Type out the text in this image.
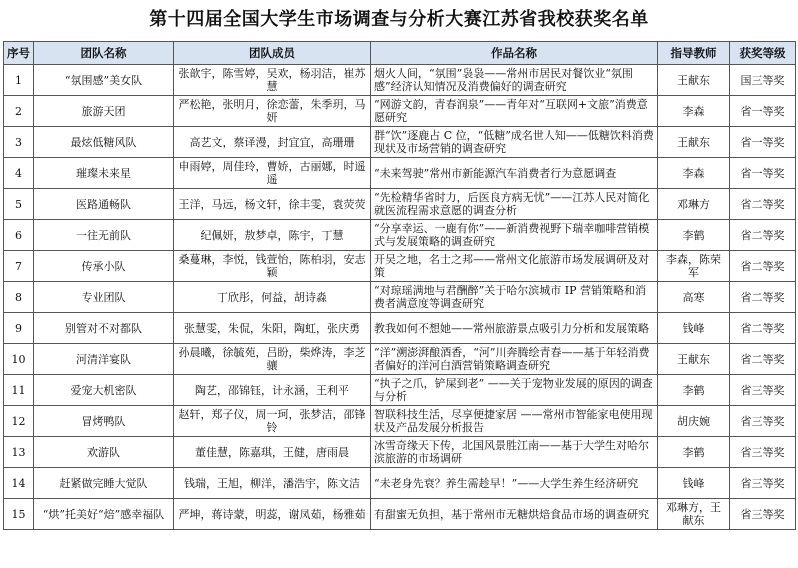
第十四届全国大学生市场调查与分析大赛江苏省我校获奖名单
序号	团队名称	团队成员	作品名称	指导教师	获奖等级
1	“氛围感”美女队	张歆宇，陈雪婷，吴欢，杨羽洁，崔苏慧	烟火人间，“氛围”袅袅——常州市居民对餐饮业“氛围感”经济认知情况及消费偏好的调查研究	王献东	国三等奖
2	旅游天团	严松艳，张明月，徐恋蕾，朱季玥，马妍	“网游文韵，青春润泉”——青年对“互联网+文旅”消费意愿研究	李森	省一等奖
3	最炫低糖风队	高艺文，蔡译漫，封宜宜，高珊珊	群“饮”逐鹿占 C 位，“低糖”成名世人知——低糖饮料消费现状及市场营销的调查研究	王献东	省一等奖
4	璀璨未来星	申雨婷，周佳玲，曹娇，古丽娜，时遥遥	“未来驾驶”常州市新能源汽车消费者行为意愿调查	李森	省一等奖
5	医路通畅队	王洋，马远，杨文轩，徐丰雯，袁荧荧	“先检精华省时力，后医良方病无忧”——江苏人民对简化就医流程需求意愿的调查分析	邓琳方	省二等奖
6	一往无前队	纪佩妍，敖梦卓，陈宇，丁慧	“分享幸运、一鹿有你”——新消费视野下瑞幸咖啡营销模式与发展策略的调查研究	李鹤	省二等奖
7	传承小队	桑蔓琳，李悦，钱萱怡，陈柏羽，安志颖	开吴之地，名士之邦——常州文化旅游市场发展调研及对策	李森，陈荣军	省二等奖
8	专业团队	丁欣彤，何益，胡诗淼	“对琼瑶满地与君酬醉”关于哈尔滨城市 IP 营销策略和消费者满意度等调查研究	高寒	省二等奖
9	别管对不对都队	张慧雯，朱侃，朱阳，陶虹，张庆勇	教我如何不想她——常州旅游景点吸引力分析和发展策略	钱峰	省二等奖
10	河清洋宴队	孙晨曦，徐毓苑，吕盼，柴烨涛，李芝骧	“洋”溯澎湃酿酒香，“河”川奔腾绘青春——基于年轻消费者偏好的洋河白酒营销策略调查研究	王献东	省二等奖
11	爱宠大机密队	陶艺，邵锦钰，计永涵，王利平	“执子之爪，铲屎到老” ——关于宠物业发展的原因的调查与分析	李鹤	省三等奖
12	冒烤鸭队	赵轩，郑子仪，周一珂，张梦洁，邵锋铃	智联科技生活，尽享便捷家居 ——常州市智能家电使用现状及产品发展分析报告	胡庆婉	省三等奖
13	欢游队	董佳慧，陈嘉琪，王健，唐雨晨	冰雪奇缘天下传，北国风景胜江南——基于大学生对哈尔滨旅游的市场调研	李鹤	省三等奖
14	赶紧做完睡大觉队	钱瑞，王旭，柳洋，潘浩宇，陈文洁	“未老身先衰？养生需趁早！”——大学生养生经济研究	钱峰	省三等奖
15	“烘”托美好“焙”感幸福队	严坤，蒋诗蒙，明蕊，谢凤茹，杨雅茹	有甜蜜无负担，基于常州市无糖烘焙食品市场的调查研究	邓琳方，王献东	省三等奖
